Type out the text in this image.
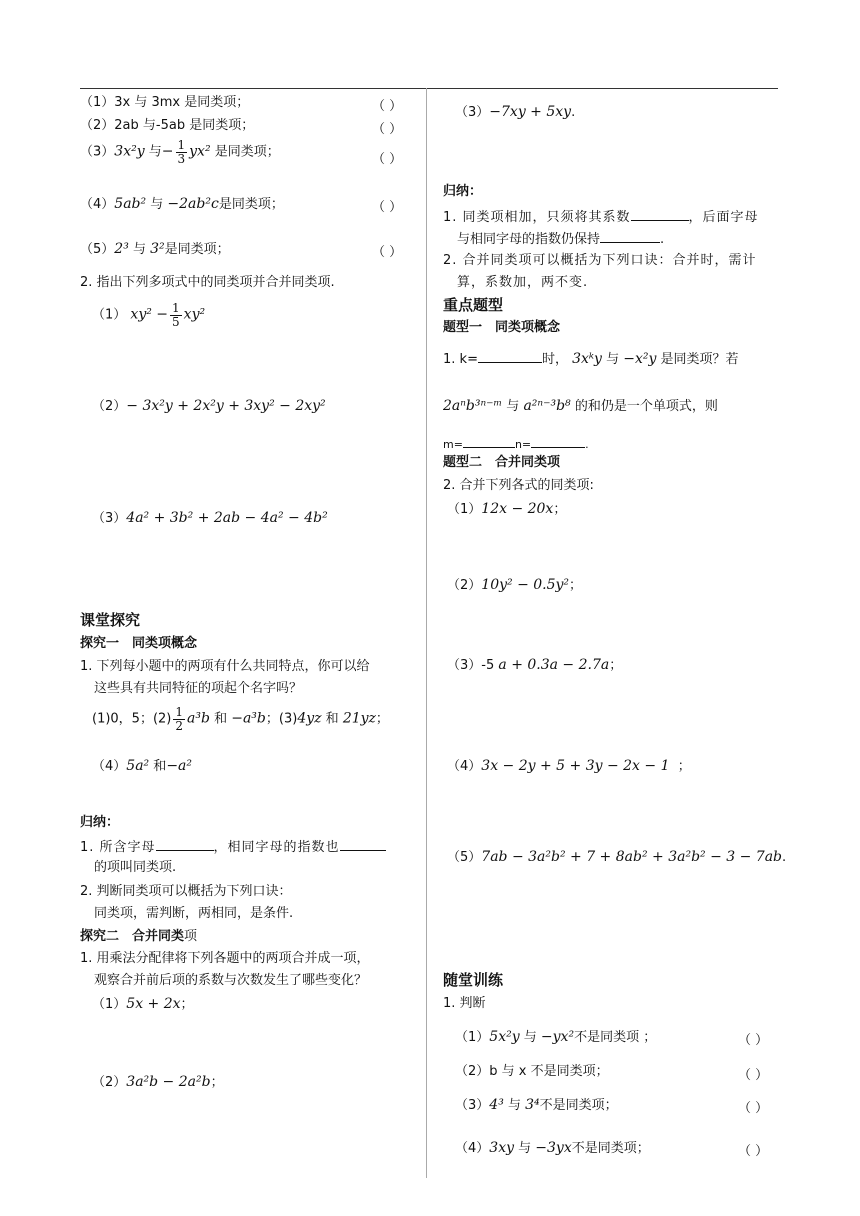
（1）3x 与 3mx 是同类项；	（ ）
（2）2ab 与-5ab 是同类项；	（ ）
（3）3x²y 与− $\frac{1}{3} yx^2$ 是同类项；	（ ）
（4）5ab² 与 −2ab²c是同类项；	（ ）
（5）2³ 与 3²是同类项；	（ ）
2. 指出下列多项式中的同类项并合并同类项.
（1） $xy^2 - \frac{1}{5} xy^2$
（2）− 3x²y + 2x²y + 3xy² − 2xy²
（3）4a² + 3b² + 2ab − 4a² − 4b²
课堂探究
探究一　同类项概念
1. 下列每小题中的两项有什么共同特点，你可以给
这些具有共同特征的项起个名字吗？
(1)0，5；$(2) \frac{1}{2} a^3b$ 和 −a³b；(3)4yz 和 21yz；
（4）5a² 和−a²
归纳：
1. 所含字母	，相同字母的指数也
的项叫同类项.
2. 判断同类项可以概括为下列口诀：
同类项，需判断，两相同，是条件.
探究二　合并同类项
1. 用乘法分配律将下列各题中的两项合并成一项，
观察合并前后项的系数与次数发生了哪些变化？
（1）5x + 2x；
（2）3a²b − 2a²b；
（3）−7xy + 5xy.
归纳：
1. 同类项相加，只须将其系数	，后面字母
与相同字母的指数仍保持	.
2. 合并同类项可以概括为下列口诀：合并时，需计
算，系数加，两不变.
重点题型
题型一　同类项概念
1. k=	时， 3xᵏy 与 −x²y 是同类项？若
2aⁿb³ⁿ⁻ᵐ 与 a²ⁿ⁻³b⁸ 的和仍是一个单项式，则
m=	n=	.
题型二　合并同类项
2. 合并下列各式的同类项:
（1）12x − 20x；
（2）10y² − 0.5y²；
（3）-5 a + 0.3a − 2.7a；
（4）3x − 2y + 5 + 3y − 2x − 1 ；
（5）7ab − 3a²b² + 7 + 8ab² + 3a²b² − 3 − 7ab.
随堂训练
1. 判断
（1）5x²y 与 −yx²不是同类项 ；	（ ）
（2）b 与 x 不是同类项；	（ ）
（3）4³ 与 3⁴不是同类项；	（ ）
（4）3xy 与 −3yx不是同类项；	（ ）
